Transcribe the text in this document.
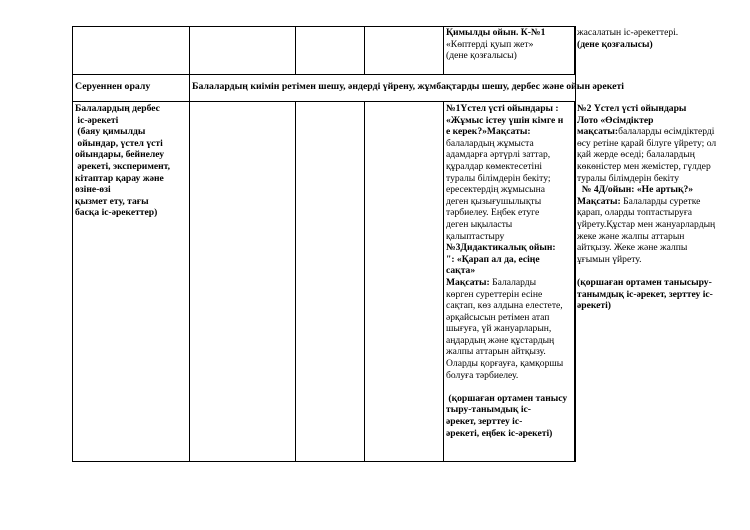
Қимылды ойын. К-№1

«Көптерді қуып жет»

(дене қозғалысы)

жасалатын іс-әрекеттері.

(дене қозғалысы)

Серуеннен оралу	Балалардың киімін ретімен шешу, әндерді үйрену, жұмбақтарды шешу, дербес және ойын әрекеті

Балалардың дербес

іс-әрекеті

(баяу қимылды

ойындар, үстел үсті

ойындары, бейнелеу

әрекеті, эксперимент,

кітаптар қарау және

өзіне-өзі

қызмет ету, тағы

басқа іс-әрекеттер)

№1Үстел үсті ойындары :

«Жұмыс істеу үшін кімге н

е керек?»Мақсаты:

балалардың жұмыста

адамдарға әртүрлі заттар,

құралдар көмектесетіні

туралы білімдерін бекіту;

ересектердің жұмысына

деген қызығушылықты

тәрбиелеу. Еңбек етуге

деген ықыласты

қалыптастыру

№3Дидактикалық ойын:

": «Қарап ал да, есіңе

сақта»

Мақсаты: Балаларды

көрген суреттерін есіне

сақтап, көз алдына елестете,

әрқайсысын ретімен атап

шығуға, үй жануарларын,

аңдардың және құстардың

жалпы аттарын айтқызу.

Оларды қорғауға, қамқоршы

болуға тәрбиелеу.

(қоршаған ортамен танысу

тыру-танымдық іс-

әрекет, зерттеу іс-

әрекеті, еңбек іс-әрекеті)

№2 Үстел үсті ойындары

Лото «Өсімдіктер

мақсаты:балаларды өсімдіктерді

өсу ретіне қарай білуге үйрету; ол

қай жерде өседі; балалардың

көкөністер мен жемістер, гүлдер

туралы білімдерін бекіту

№ 4Д/ойын: «Не артық?»

Мақсаты: Балаларды суретке

қарап, оларды топтастыруға

үйрету.Құстар мен жануарлардың

жеке және жалпы аттарын

айтқызу. Жеке және жалпы

ұғымын үйрету.

(қоршаған ортамен танысыру-

танымдық іс-әрекет, зерттеу іс-

әрекеті)
